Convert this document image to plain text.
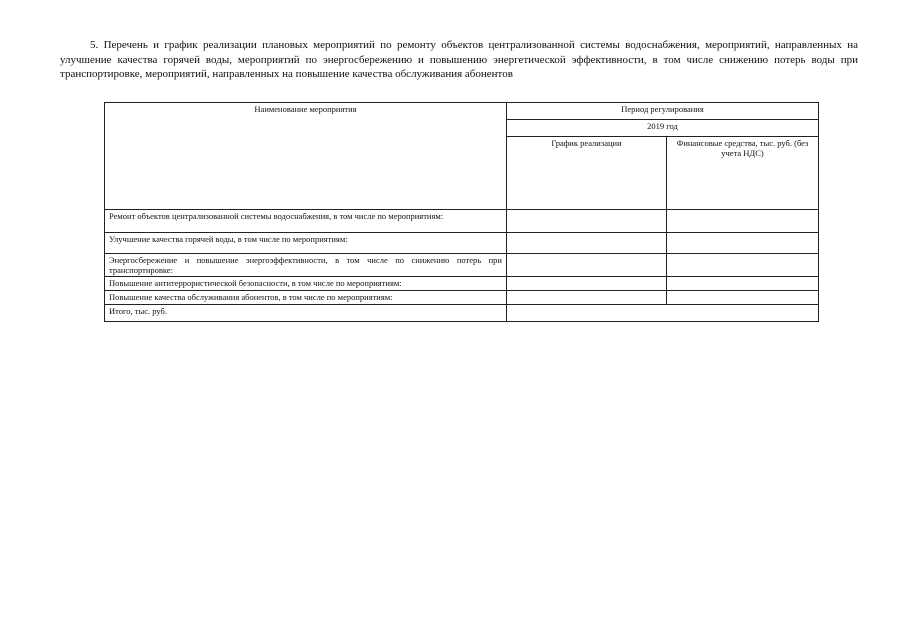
5. Перечень и график реализации плановых мероприятий по ремонту объектов централизованной системы водоснабжения, мероприятий, направленных на улучшение качества горячей воды, мероприятий по энергосбережению и повышению энергетической эффективности, в том числе снижению потерь воды при транспортировке, мероприятий, направленных на повышение качества обслуживания абонентов
Наименование мероприятия	Период регулирования	
	2019 год	
	График реализации	Финансовые средства, тыс. руб. (без учета НДС)
Ремонт объектов централизованной системы водоснабжения, в том числе по мероприятиям:		
Улучшение качества горячей воды, в том числе по мероприятиям:		
Энергосбережение и повышение энергоэффективности, в том числе по снижению потерь при транспортировке:		
Повышение антитеррористической безопасности, в том числе по мероприятиям:		
Повышение качества обслуживания абонентов, в том числе по мероприятиям:		
Итого, тыс. руб.		
